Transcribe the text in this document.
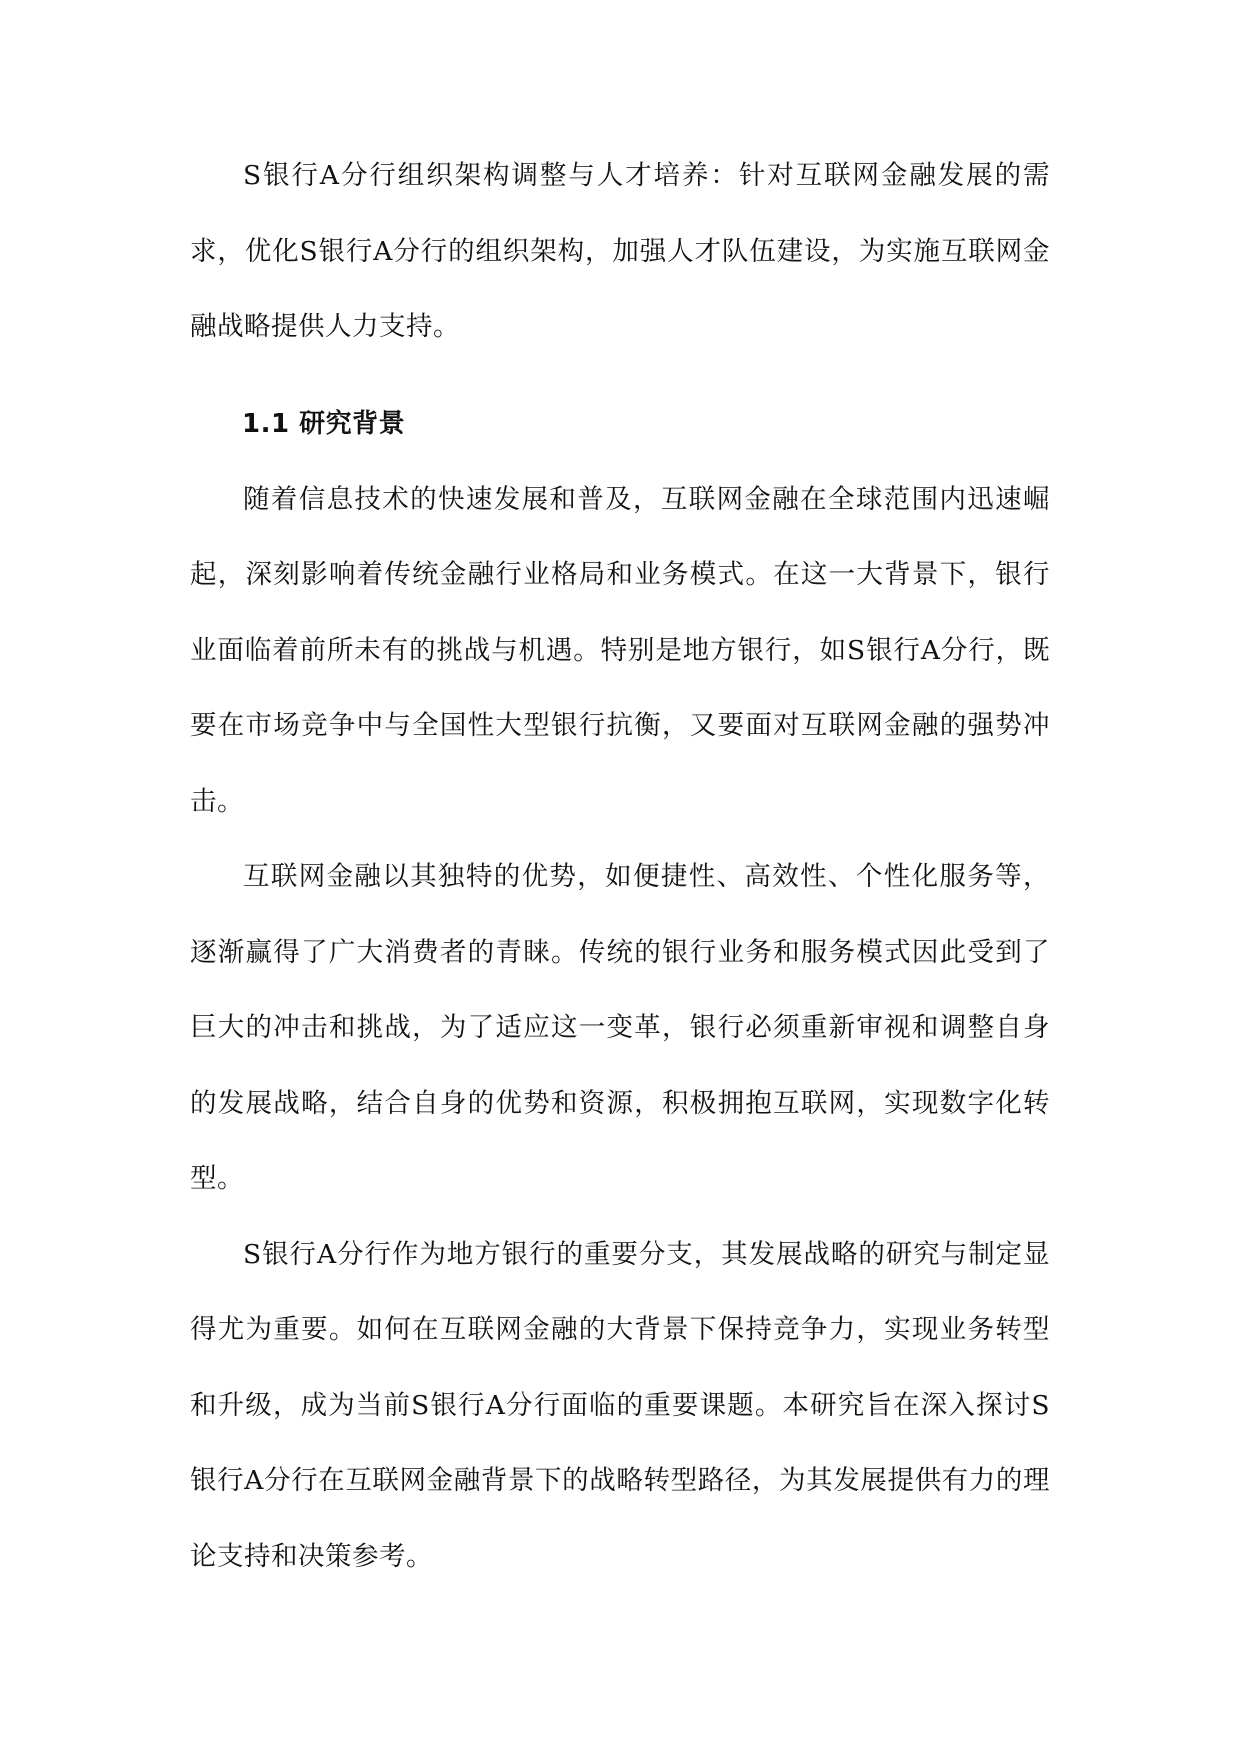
S银行A分行组织架构调整与人才培养：针对互联网金融发展的需求，优化S银行A分行的组织架构，加强人才队伍建设，为实施互联网金融战略提供人力支持。

1.1 研究背景

随着信息技术的快速发展和普及，互联网金融在全球范围内迅速崛起，深刻影响着传统金融行业格局和业务模式。在这一大背景下，银行业面临着前所未有的挑战与机遇。特别是地方银行，如S银行A分行，既要在市场竞争中与全国性大型银行抗衡，又要面对互联网金融的强势冲击。

互联网金融以其独特的优势，如便捷性、高效性、个性化服务等，逐渐赢得了广大消费者的青睐。传统的银行业务和服务模式因此受到了巨大的冲击和挑战，为了适应这一变革，银行必须重新审视和调整自身的发展战略，结合自身的优势和资源，积极拥抱互联网，实现数字化转型。

S银行A分行作为地方银行的重要分支，其发展战略的研究与制定显得尤为重要。如何在互联网金融的大背景下保持竞争力，实现业务转型和升级，成为当前S银行A分行面临的重要课题。本研究旨在深入探讨S银行A分行在互联网金融背景下的战略转型路径，为其发展提供有力的理论支持和决策参考。
